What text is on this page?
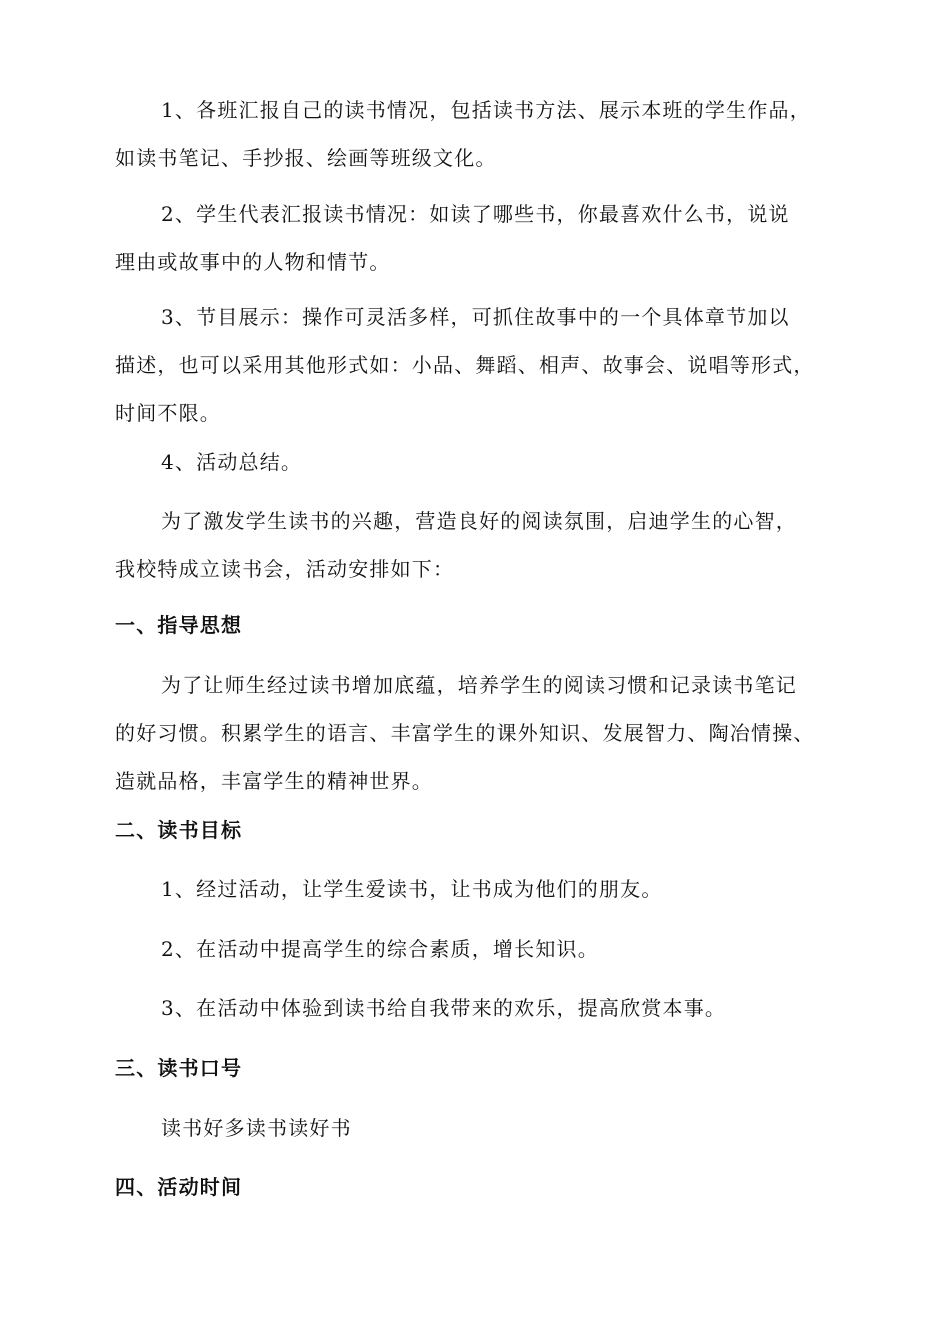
1、各班汇报自己的读书情况，包括读书方法、展示本班的学生作品，
如读书笔记、手抄报、绘画等班级文化。

2、学生代表汇报读书情况：如读了哪些书，你最喜欢什么书，说说
理由或故事中的人物和情节。

3、节目展示：操作可灵活多样，可抓住故事中的一个具体章节加以
描述，也可以采用其他形式如：小品、舞蹈、相声、故事会、说唱等形式，
时间不限。

4、活动总结。

为了激发学生读书的兴趣，营造良好的阅读氛围，启迪学生的心智，
我校特成立读书会，活动安排如下：

一、指导思想

为了让师生经过读书增加底蕴，培养学生的阅读习惯和记录读书笔记
的好习惯。积累学生的语言、丰富学生的课外知识、发展智力、陶冶情操、
造就品格，丰富学生的精神世界。

二、读书目标

1、经过活动，让学生爱读书，让书成为他们的朋友。

2、在活动中提高学生的综合素质，增长知识。

3、在活动中体验到读书给自我带来的欢乐，提高欣赏本事。

三、读书口号

读书好多读书读好书

四、活动时间
